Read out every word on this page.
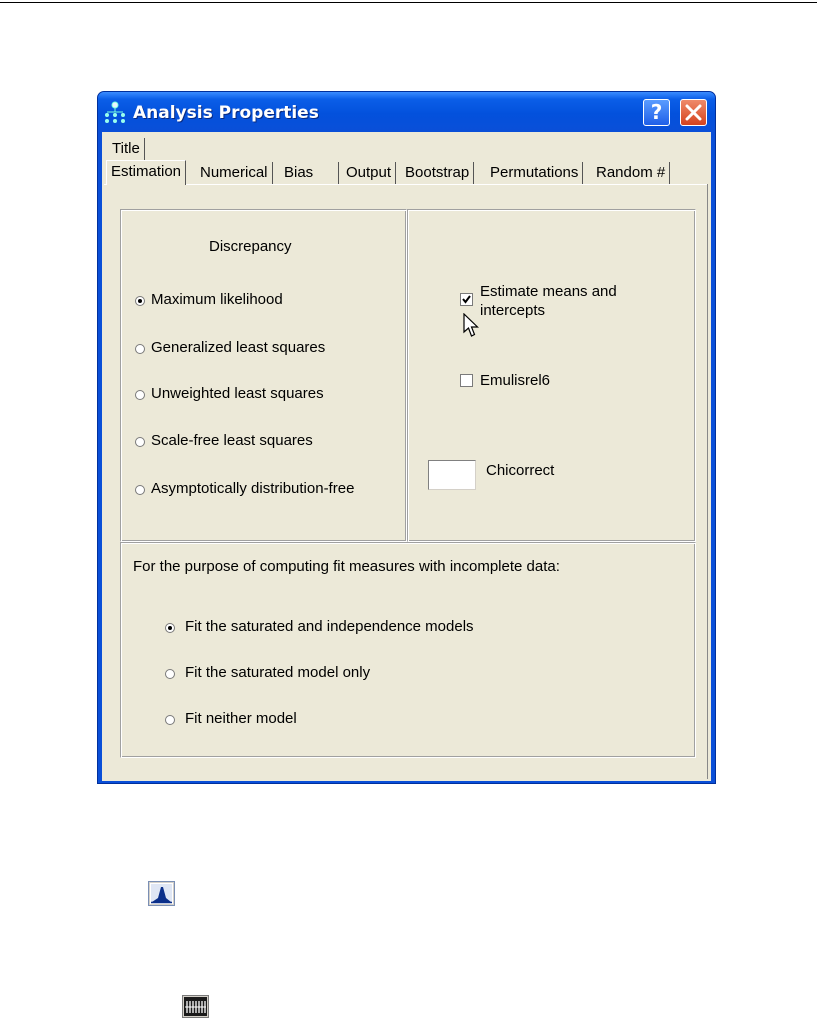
Analysis Properties	?
Title
Estimation	Numerical	Bias	Output Bootstrap	Permutations	Random #
Discrepancy
Maximum likelihood
Generalized least squares
Unweighted least squares
Scale-free least squares
Asymptotically distribution-free
Estimate means and
intercepts
Emulisrel6
Chicorrect
For the purpose of computing fit measures with incomplete data:
Fit the saturated and independence models
Fit the saturated model only
Fit neither model
